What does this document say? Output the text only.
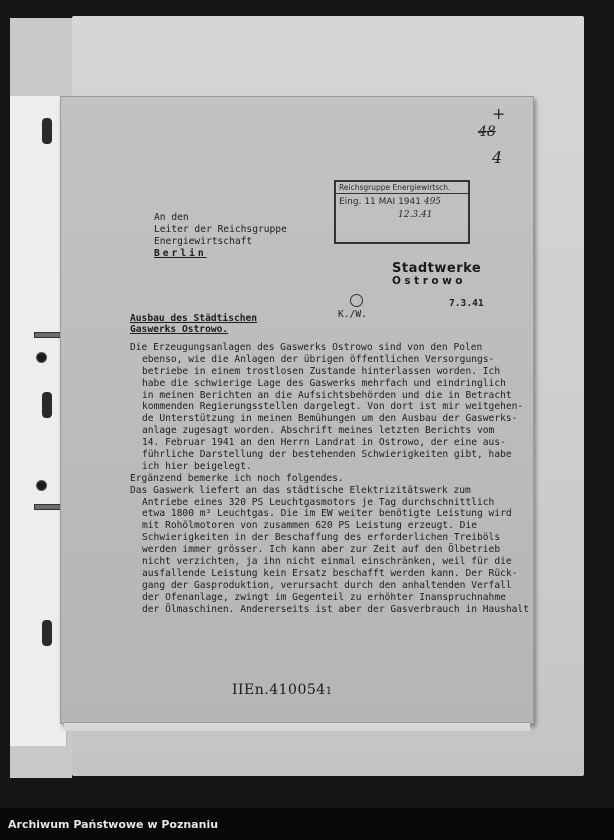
+
48
4
An den
Leiter der Reichsgruppe
Energiewirtschaft
Berlin
Reichsgruppe Energiewirtsch.
Eing. 11 MAI 1941 495
12.3.41
Stadtwerke
Ostrowo
7.3.41
K./W.
Ausbau des Städtischen
Gaswerks Ostrowo.
Die Erzeugungsanlagen des Gaswerks Ostrowo sind von den Polen
ebenso, wie die Anlagen der übrigen öffentlichen Versorgungs-
betriebe in einem trostlosen Zustande hinterlassen worden. Ich
habe die schwierige Lage des Gaswerks mehrfach und eindringlich
in meinen Berichten an die Aufsichtsbehörden und die in Betracht
kommenden Regierungsstellen dargelegt. Von dort ist mir weitgehen-
de Unterstützung in meinen Bemühungen um den Ausbau der Gaswerks-
anlage zugesagt worden. Abschrift meines letzten Berichts vom
14. Februar 1941 an den Herrn Landrat in Ostrowo, der eine aus-
führliche Darstellung der bestehenden Schwierigkeiten gibt, habe
ich hier beigelegt.
Ergänzend bemerke ich noch folgendes.
Das Gaswerk liefert an das städtische Elektrizitätswerk zum
Antriebe eines 320 PS Leuchtgasmotors je Tag durchschnittlich
etwa 1800 m³ Leuchtgas. Die im EW weiter benötigte Leistung wird
mit Rohölmotoren von zusammen 620 PS Leistung erzeugt. Die
Schwierigkeiten in der Beschaffung des erforderlichen Treiböls
werden immer grösser. Ich kann aber zur Zeit auf den Ölbetrieb
nicht verzichten, ja ihn nicht einmal einschränken, weil für die
ausfallende Leistung kein Ersatz beschafft werden kann. Der Rück-
gang der Gasproduktion, verursacht durch den anhaltenden Verfall
der Ofenanlage, zwingt im Gegenteil zu erhöhter Inanspruchnahme
der Ölmaschinen. Andererseits ist aber der Gasverbrauch in Haushalt
IIEn.4100541
Archiwum Państwowe w Poznaniu
